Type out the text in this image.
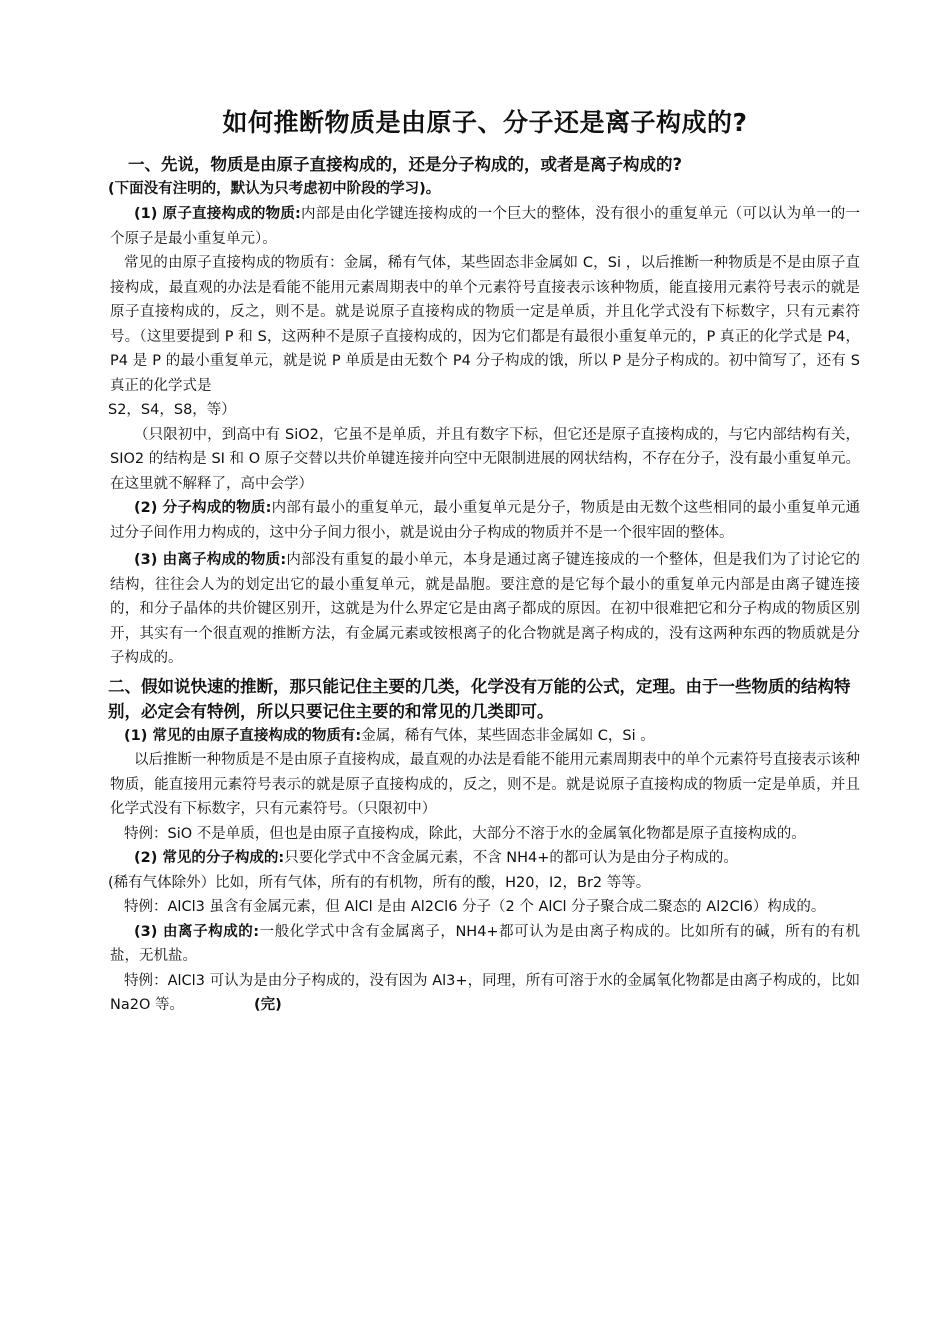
如何推断物质是由原子、分子还是离子构成的?
一、先说，物质是由原子直接构成的，还是分子构成的，或者是离子构成的?
(下面没有注明的，默认为只考虑初中阶段的学习)。

(1) 原子直接构成的物质:内部是由化学键连接构成的一个巨大的整体，没有很小的重复单元（可以认为单一的一个原子是最小重复单元）。

常见的由原子直接构成的物质有：金属，稀有气体，某些固态非金属如 C，Si ，以后推断一种物质是不是由原子直接构成，最直观的办法是看能不能用元素周期表中的单个元素符号直接表示该种物质，能直接用元素符号表示的就是原子直接构成的，反之，则不是。就是说原子直接构成的物质一定是单质，并且化学式没有下标数字，只有元素符号。（这里要提到 P 和 S，这两种不是原子直接构成的，因为它们都是有最很小重复单元的，P 真正的化学式是 P4，P4 是 P 的最小重复单元，就是说 P 单质是由无数个 P4 分子构成的饿，所以 P 是分子构成的。初中简写了，还有 S 真正的化学式是

S2，S4，S8，等）

（只限初中，到高中有 SiO2，它虽不是单质，并且有数字下标，但它还是原子直接构成的，与它内部结构有关，SIO2 的结构是 SI 和 O 原子交替以共价单键连接并向空中无限制进展的网状结构，不存在分子，没有最小重复单元。在这里就不解释了，高中会学）

(2) 分子构成的物质:内部有最小的重复单元，最小重复单元是分子，物质是由无数个这些相同的最小重复单元通过分子间作用力构成的，这中分子间力很小，就是说由分子构成的物质并不是一个很牢固的整体。

(3) 由离子构成的物质:内部没有重复的最小单元，本身是通过离子键连接成的一个整体，但是我们为了讨论它的结构，往往会人为的划定出它的最小重复单元，就是晶胞。要注意的是它每个最小的重复单元内部是由离子键连接的，和分子晶体的共价键区别开，这就是为什么界定它是由离子都成的原因。在初中很难把它和分子构成的物质区别开，其实有一个很直观的推断方法，有金属元素或铵根离子的化合物就是离子构成的，没有这两种东西的物质就是分子构成的。

二、假如说快速的推断，那只能记住主要的几类，化学没有万能的公式，定理。由于一些物质的结构特别，必定会有特例，所以只要记住主要的和常见的几类即可。

(1) 常见的由原子直接构成的物质有:金属，稀有气体，某些固态非金属如 C，Si 。

以后推断一种物质是不是由原子直接构成，最直观的办法是看能不能用元素周期表中的单个元素符号直接表示该种物质，能直接用元素符号表示的就是原子直接构成的，反之，则不是。就是说原子直接构成的物质一定是单质，并且化学式没有下标数字，只有元素符号。（只限初中）

特例：SiO 不是单质，但也是由原子直接构成，除此，大部分不溶于水的金属氧化物都是原子直接构成的。

(2) 常见的分子构成的:只要化学式中不含金属元素，不含 NH4+的都可认为是由分子构成的。

(稀有气体除外）比如，所有气体，所有的有机物，所有的酸，H20，I2，Br2 等等。

特例：AlCl3 虽含有金属元素，但 AlCl 是由 Al2Cl6 分子（2 个 AlCl 分子聚合成二聚态的 Al2Cl6）构成的。

(3) 由离子构成的:一般化学式中含有金属离子，NH4+都可认为是由离子构成的。比如所有的碱，所有的有机盐，无机盐。

特例：AlCl3 可认为是由分子构成的，没有因为 Al3+，同理，所有可溶于水的金属氧化物都是由离子构成的，比如 Na2O 等。	(完)
